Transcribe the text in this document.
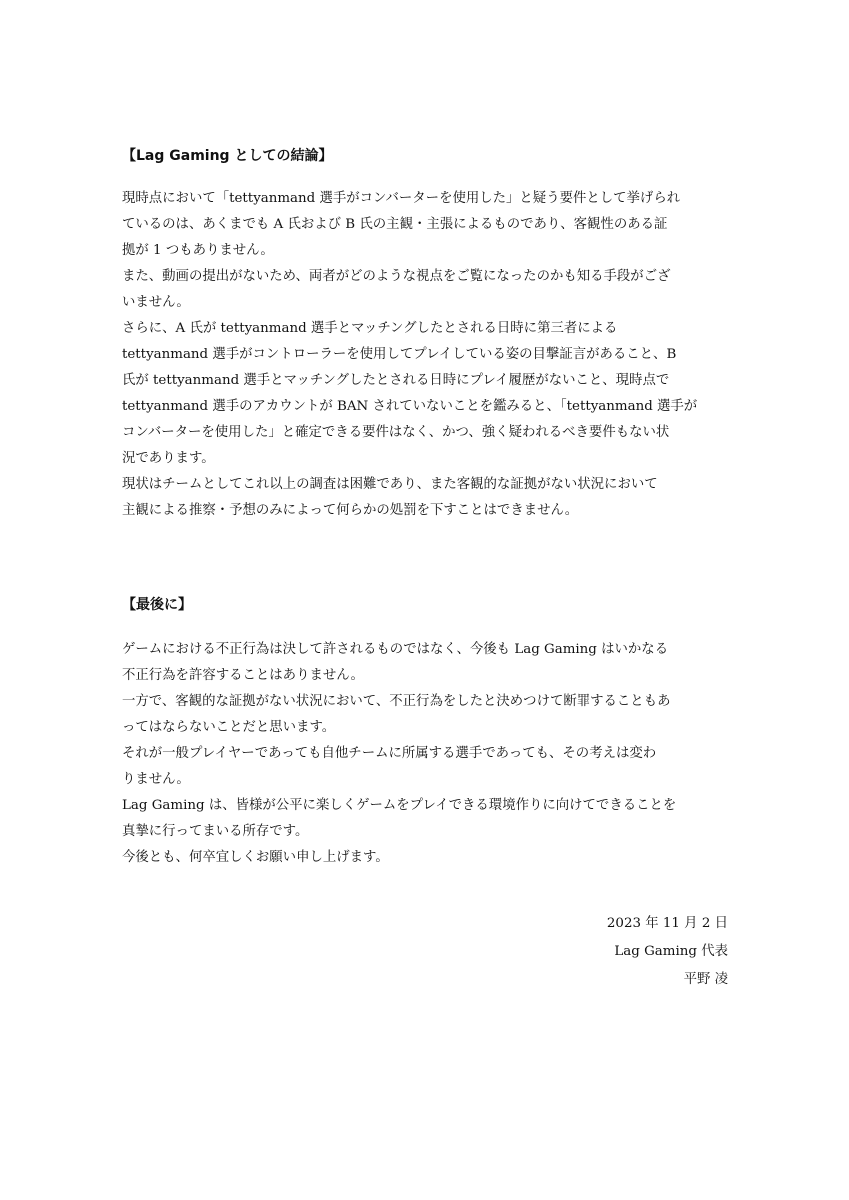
【Lag Gaming としての結論】

現時点において「tettyanmand 選手がコンバーターを使用した」と疑う要件として挙げられ
ているのは、あくまでも A 氏および B 氏の主観・主張によるものであり、客観性のある証
拠が 1 つもありません。

また、動画の提出がないため、両者がどのような視点をご覧になったのかも知る手段がござ
いません。

さらに、A 氏が tettyanmand 選手とマッチングしたとされる日時に第三者による
tettyanmand 選手がコントローラーを使用してプレイしている姿の目撃証言があること、B
氏が tettyanmand 選手とマッチングしたとされる日時にプレイ履歴がないこと、現時点で
tettyanmand 選手のアカウントが BAN されていないことを鑑みると、「tettyanmand 選手が
コンバーターを使用した」と確定できる要件はなく、かつ、強く疑われるべき要件もない状
況であります。

現状はチームとしてこれ以上の調査は困難であり、また客観的な証拠がない状況において
主観による推察・予想のみによって何らかの処罰を下すことはできません。

【最後に】

ゲームにおける不正行為は決して許されるものではなく、今後も Lag Gaming はいかなる
不正行為を許容することはありません。

一方で、客観的な証拠がない状況において、不正行為をしたと決めつけて断罪することもあ
ってはならないことだと思います。

それが一般プレイヤーであっても自他チームに所属する選手であっても、その考えは変わ
りません。

Lag Gaming は、皆様が公平に楽しくゲームをプレイできる環境作りに向けてできることを
真摯に行ってまいる所存です。

今後とも、何卒宜しくお願い申し上げます。

2023 年 11 月 2 日
Lag Gaming 代表
平野 凌
